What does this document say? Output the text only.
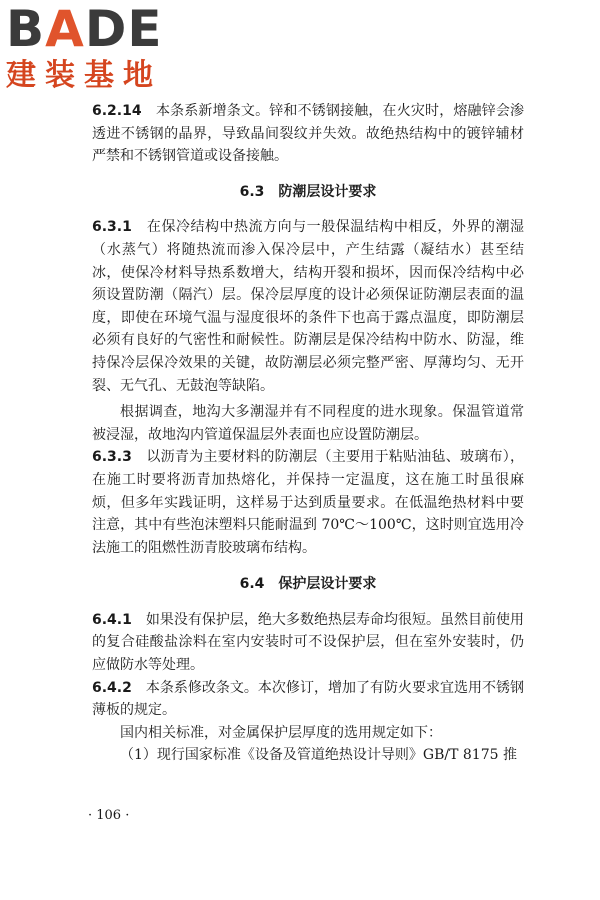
BADE
建装基地

6.2.14　 本条系新增条文。锌和不锈钢接触，在火灾时，熔融锌会渗透进不锈钢的晶界，导致晶间裂纹并失效。故绝热结构中的镀锌辅材严禁和不锈钢管道或设备接触。

6.3　防潮层设计要求

6.3.1　 在保冷结构中热流方向与一般保温结构中相反，外界的潮湿（水蒸气）将随热流而渗入保冷层中，产生结露（凝结水）甚至结冰，使保冷材料导热系数增大，结构开裂和损坏，因而保冷结构中必须设置防潮（隔汽）层。保冷层厚度的设计必须保证防潮层表面的温度，即使在环境气温与湿度很坏的条件下也高于露点温度，即防潮层必须有良好的气密性和耐候性。防潮层是保冷结构中防水、防湿，维持保冷层保冷效果的关键，故防潮层必须完整严密、厚薄均匀、无开裂、无气孔、无鼓泡等缺陷。

根据调查，地沟大多潮湿并有不同程度的进水现象。保温管道常被浸湿，故地沟内管道保温层外表面也应设置防潮层。

6.3.3　 以沥青为主要材料的防潮层（主要用于粘贴油毡、玻璃布），在施工时要将沥青加热熔化，并保持一定温度，这在施工时虽很麻烦，但多年实践证明，这样易于达到质量要求。在低温绝热材料中要注意，其中有些泡沫塑料只能耐温到 70℃～100℃，这时则宜选用冷法施工的阻燃性沥青胶玻璃布结构。

6.4　保护层设计要求

6.4.1　 如果没有保护层，绝大多数绝热层寿命均很短。虽然目前使用的复合硅酸盐涂料在室内安装时可不设保护层，但在室外安装时，仍应做防水等处理。

6.4.2　 本条系修改条文。本次修订，增加了有防火要求宜选用不锈钢薄板的规定。

国内相关标准，对金属保护层厚度的选用规定如下：

（1）现行国家标准《设备及管道绝热设计导则》GB/T 8175 推

· 106 ·
